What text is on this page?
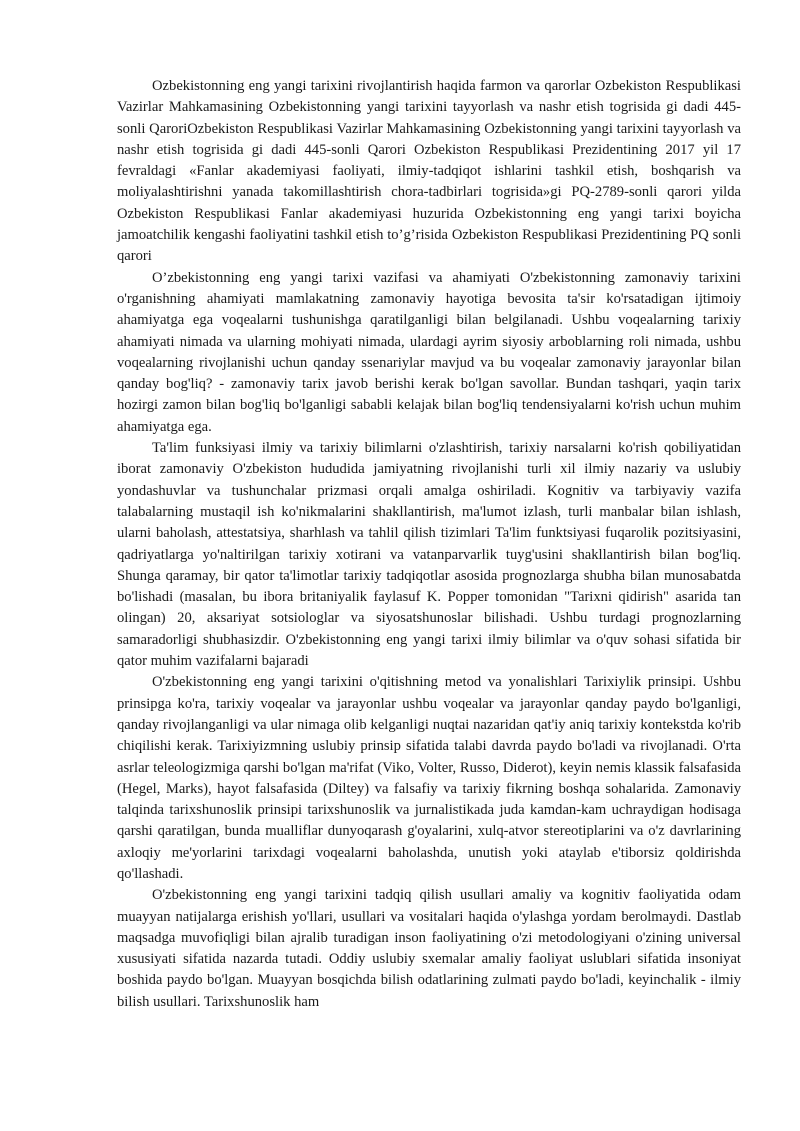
Ozbekistonning eng yangi tarixini rivojlantirish haqida farmon va qarorlar Ozbekiston Respublikasi Vazirlar Mahkamasining Ozbekistonning yangi tarixini tayyorlash va nashr etish togrisida gi dadi 445-sonli QaroriOzbekiston Respublikasi Vazirlar Mahkamasining Ozbekistonning yangi tarixini tayyorlash va nashr etish togrisida gi dadi 445-sonli Qarori Ozbekiston Respublikasi Prezidentining 2017 yil 17 fevraldagi «Fanlar akademiyasi faoliyati, ilmiy-tadqiqot ishlarini tashkil etish, boshqarish va moliyalashtirishni yanada takomillashtirish chora-tadbirlari togrisida»gi PQ-2789-sonli qarori yilda Ozbekiston Respublikasi Fanlar akademiyasi huzurida Ozbekistonning eng yangi tarixi boyicha jamoatchilik kengashi faoliyatini tashkil etish to’g’risida Ozbekiston Respublikasi Prezidentining PQ sonli qarori

O’zbekistonning eng yangi tarixi vazifasi va ahamiyati O'zbekistonning zamonaviy tarixini o'rganishning ahamiyati mamlakatning zamonaviy hayotiga bevosita ta'sir ko'rsatadigan ijtimoiy ahamiyatga ega voqealarni tushunishga qaratilganligi bilan belgilanadi. Ushbu voqealarning tarixiy ahamiyati nimada va ularning mohiyati nimada, ulardagi ayrim siyosiy arboblarning roli nimada, ushbu voqealarning rivojlanishi uchun qanday ssenariylar mavjud va bu voqealar zamonaviy jarayonlar bilan qanday bog'liq? - zamonaviy tarix javob berishi kerak bo'lgan savollar. Bundan tashqari, yaqin tarix hozirgi zamon bilan bog'liq bo'lganligi sababli kelajak bilan bog'liq tendensiyalarni ko'rish uchun muhim ahamiyatga ega.

Ta'lim funksiyasi ilmiy va tarixiy bilimlarni o'zlashtirish, tarixiy narsalarni ko'rish qobiliyatidan iborat zamonaviy O'zbekiston hududida jamiyatning rivojlanishi turli xil ilmiy nazariy va uslubiy yondashuvlar va tushunchalar prizmasi orqali amalga oshiriladi. Kognitiv va tarbiyaviy vazifa talabalarning mustaqil ish ko'nikmalarini shakllantirish, ma'lumot izlash, turli manbalar bilan ishlash, ularni baholash, attestatsiya, sharhlash va tahlil qilish tizimlari Ta'lim funktsiyasi fuqarolik pozitsiyasini, qadriyatlarga yo'naltirilgan tarixiy xotirani va vatanparvarlik tuyg'usini shakllantirish bilan bog'liq. Shunga qaramay, bir qator ta'limotlar tarixiy tadqiqotlar asosida prognozlarga shubha bilan munosabatda bo'lishadi (masalan, bu ibora britaniyalik faylasuf K. Popper tomonidan "Tarixni qidirish" asarida tan olingan) 20, aksariyat sotsiologlar va siyosatshunoslar bilishadi. Ushbu turdagi prognozlarning samaradorligi shubhasizdir. O'zbekistonning eng yangi tarixi ilmiy bilimlar va o'quv sohasi sifatida bir qator muhim vazifalarni bajaradi

O'zbekistonning eng yangi tarixini o'qitishning metod va yonalishlari Tarixiylik prinsipi. Ushbu prinsipga ko'ra, tarixiy voqealar va jarayonlar ushbu voqealar va jarayonlar qanday paydo bo'lganligi, qanday rivojlanganligi va ular nimaga olib kelganligi nuqtai nazaridan qat'iy aniq tarixiy kontekstda ko'rib chiqilishi kerak. Tarixiyizmning uslubiy prinsip sifatida talabi davrda paydo bo'ladi va rivojlanadi. O'rta asrlar teleologizmiga qarshi bo'lgan ma'rifat (Viko, Volter, Russo, Diderot), keyin nemis klassik falsafasida (Hegel, Marks), hayot falsafasida (Diltey) va falsafiy va tarixiy fikrning boshqa sohalarida. Zamonaviy talqinda tarixshunoslik prinsipi tarixshunoslik va jurnalistikada juda kamdan-kam uchraydigan hodisaga qarshi qaratilgan, bunda mualliflar dunyoqarash g'oyalarini, xulq-atvor stereotiplarini va o'z davrlarining axloqiy me'yorlarini tarixdagi voqealarni baholashda, unutish yoki ataylab e'tiborsiz qoldirishda qo'llashadi.

O'zbekistonning eng yangi tarixini tadqiq qilish usullari amaliy va kognitiv faoliyatida odam muayyan natijalarga erishish yo'llari, usullari va vositalari haqida o'ylashga yordam berolmaydi. Dastlab maqsadga muvofiqligi bilan ajralib turadigan inson faoliyatining o'zi metodologiyani o'zining universal xususiyati sifatida nazarda tutadi. Oddiy uslubiy sxemalar amaliy faoliyat uslublari sifatida insoniyat boshida paydo bo'lgan. Muayyan bosqichda bilish odatlarining zulmati paydo bo'ladi, keyinchalik - ilmiy bilish usullari. Tarixshunoslik ham
